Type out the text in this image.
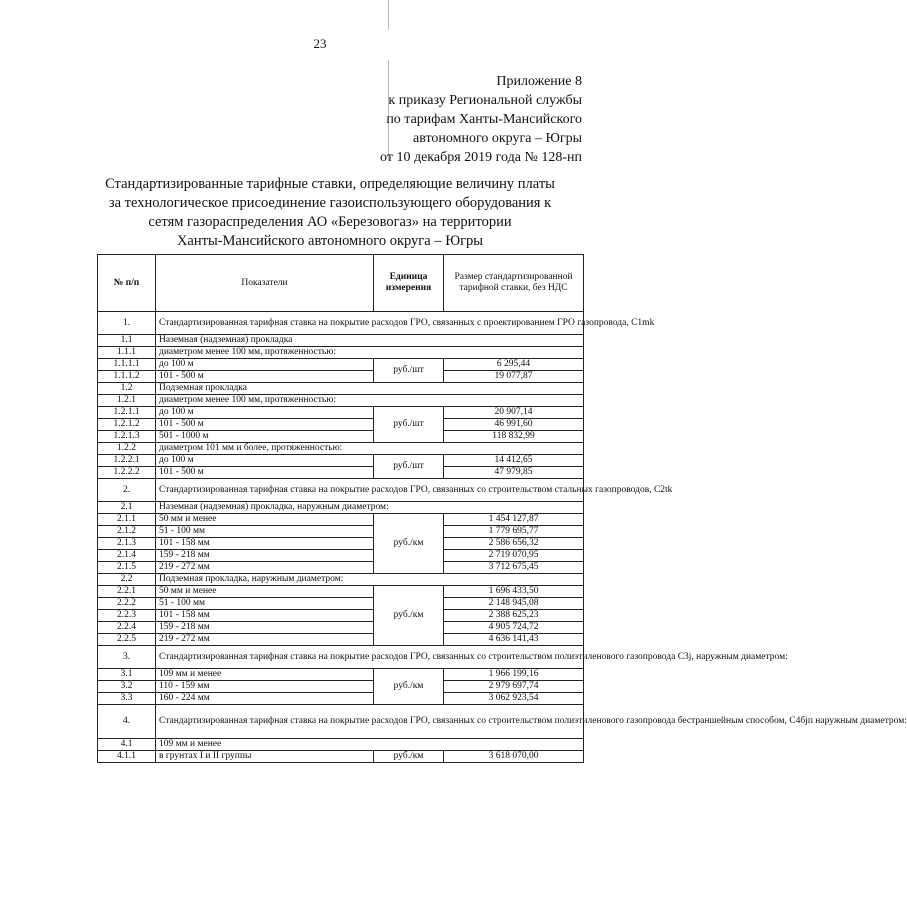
23
Приложение 8
к приказу Региональной службы
по тарифам Ханты-Мансийского
автономного округа – Югры
от 10 декабря 2019 года № 128-нп
Стандартизированные тарифные ставки, определяющие величину платы
за технологическое присоединение газоиспользующего оборудования к
сетям газораспределения АО «Березовогаз» на территории
Ханты-Мансийского автономного округа – Югры
№ п/п	Показатели	Единица измерения	Размер стандартизированной тарифной ставки, без НДС
1.	Стандартизированная тарифная ставка на покрытие расходов ГРО, связанных с проектированием ГРО газопровода, С1mk		
1.1	Наземная (надземная) прокладка		
1.1.1	диаметром менее 100 мм, протяженностью:		
1.1.1.1	до 100 м	руб./шт	6 295,44
1.1.1.2	101 - 500 м		19 077,87
1.2	Подземная прокладка		
1.2.1	диаметром менее 100 мм, протяженностью:		
1.2.1.1	до 100 м	руб./шт	20 907,14
1.2.1.2	101 - 500 м		46 991,60
1.2.1.3	501 - 1000 м		118 832,99
1.2.2	диаметром 101 мм и более, протяженностью:		
1.2.2.1	до 100 м	руб./шт	14 412,65
1.2.2.2	101 - 500 м		47 979,85
2.	Стандартизированная тарифная ставка на покрытие расходов ГРО, связанных со строительством стальных газопроводов, С2tk		
2.1	Наземная (надземная) прокладка, наружным диаметром:		
2.1.1	50 мм и менее	руб./км	1 454 127,87
2.1.2	51 - 100 мм		1 779 695,77
2.1.3	101 - 158 мм		2 586 656,32
2.1.4	159 - 218 мм		2 719 070,95
2.1.5	219 - 272 мм		3 712 675,45
2.2	Подземная прокладка, наружным диаметром:		
2.2.1	50 мм и менее	руб./км	1 696 433,50
2.2.2	51 - 100 мм		2 148 945,08
2.2.3	101 - 158 мм		2 388 625,23
2.2.4	159 - 218 мм		4 905 724,72
2.2.5	219 - 272 мм		4 636 141,43
3.	Стандартизированная тарифная ставка на покрытие расходов ГРО, связанных со строительством полиэтиленового газопровода С3j, наружным диаметром:		
3.1	109 мм и менее	руб./км	1 966 199,16
3.2	110 - 159 мм		2 979 697,74
3.3	160 - 224 мм		3 062 923,54
4.	Стандартизированная тарифная ставка на покрытие расходов ГРО, связанных со строительством полиэтиленового газопровода бестраншейным способом, С4бjп наружным диаметром:		
4.1	109 мм и менее		
4.1.1	в грунтах I и II группы	руб./км	3 618 070,00
